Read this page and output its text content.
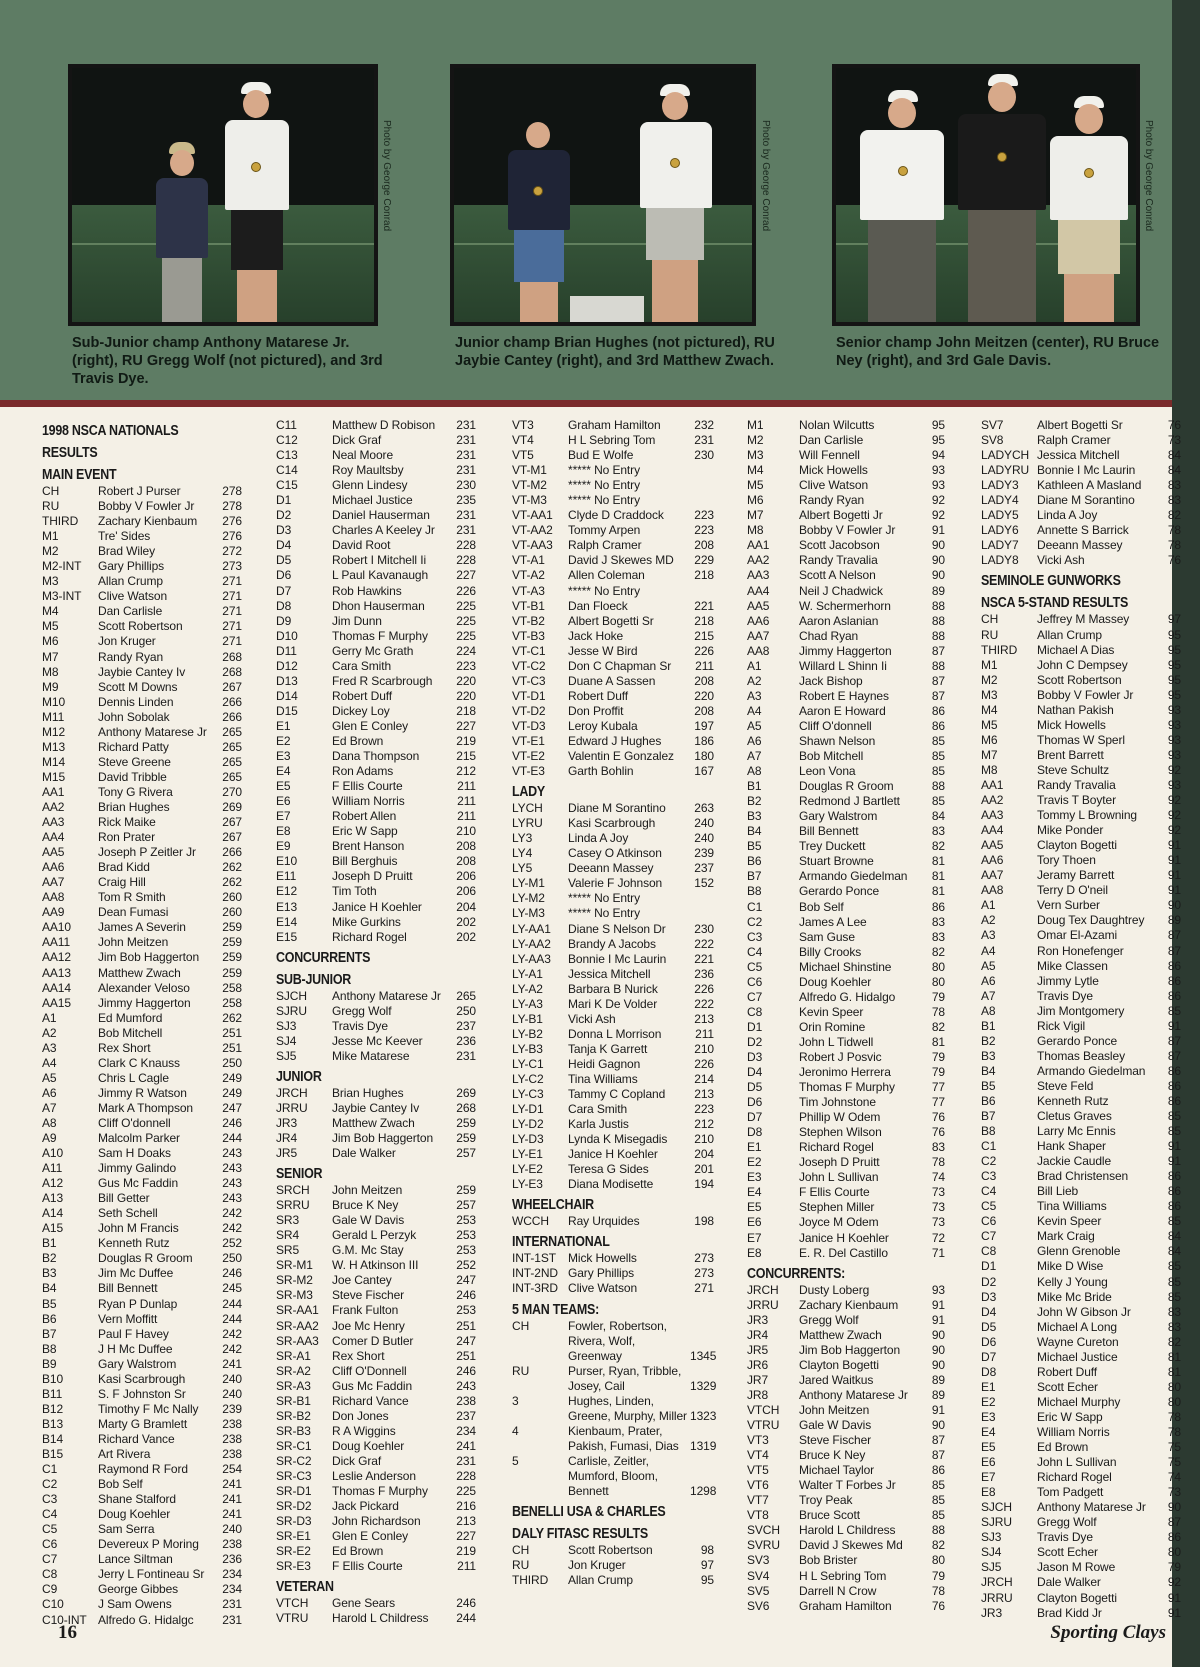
Photo by George Conrad
Sub-Junior champ Anthony Matarese Jr. (right), RU Gregg Wolf (not pictured), and 3rd Travis Dye.
Photo by George Conrad
Junior champ Brian Hughes (not pictured), RU Jaybie Cantey (right), and 3rd Matthew Zwach.
Photo by George Conrad
Senior champ John Meitzen (center), RU Bruce Ney (right), and 3rd Gale Davis.
1998 NSCA NATIONALS
RESULTS
MAIN EVENT
CH	Robert J Purser	278
RU	Bobby V Fowler Jr	278
THIRD	Zachary Kienbaum	276
M1	Tre' Sides	276
M2	Brad Wiley	272
M2-INT	Gary Phillips	273
M3	Allan Crump	271
M3-INT	Clive Watson	271
M4	Dan Carlisle	271
M5	Scott Robertson	271
M6	Jon Kruger	271
M7	Randy Ryan	268
M8	Jaybie Cantey Iv	268
M9	Scott M Downs	267
M10	Dennis Linden	266
M11	John Sobolak	266
M12	Anthony Matarese Jr	265
M13	Richard Patty	265
M14	Steve Greene	265
M15	David Tribble	265
AA1	Tony G Rivera	270
AA2	Brian Hughes	269
AA3	Rick Maike	267
AA4	Ron Prater	267
AA5	Joseph P Zeitler Jr	266
AA6	Brad Kidd	262
AA7	Craig Hill	262
AA8	Tom R Smith	260
AA9	Dean Fumasi	260
AA10	James A Severin	259
AA11	John Meitzen	259
AA12	Jim Bob Haggerton	259
AA13	Matthew Zwach	259
AA14	Alexander Veloso	258
AA15	Jimmy Haggerton	258
A1	Ed Mumford	262
A2	Bob Mitchell	251
A3	Rex Short	251
A4	Clark C Knauss	250
A5	Chris L Cagle	249
A6	Jimmy R Watson	249
A7	Mark A Thompson	247
A8	Cliff O'donnell	246
A9	Malcolm Parker	244
A10	Sam H Doaks	243
A11	Jimmy Galindo	243
A12	Gus Mc Faddin	243
A13	Bill Getter	243
A14	Seth Schell	242
A15	John M Francis	242
B1	Kenneth Rutz	252
B2	Douglas R Groom	250
B3	Jim Mc Duffee	246
B4	Bill Bennett	245
B5	Ryan P Dunlap	244
B6	Vern Moffitt	244
B7	Paul F Havey	242
B8	J H Mc Duffee	242
B9	Gary Walstrom	241
B10	Kasi Scarbrough	240
B11	S. F Johnston Sr	240
B12	Timothy F Mc Nally	239
B13	Marty G Bramlett	238
B14	Richard Vance	238
B15	Art Rivera	238
C1	Raymond R Ford	254
C2	Bob Self	241
C3	Shane Stalford	241
C4	Doug Koehler	241
C5	Sam Serra	240
C6	Devereux P Moring	238
C7	Lance Siltman	236
C8	Jerry L Fontineau Sr	234
C9	George Gibbes	234
C10	J Sam Owens	231
C10-INT Alfredo G. Hidalgc	231
C11	Matthew D Robison	231
C12	Dick Graf	231
C13	Neal Moore	231
C14	Roy Maultsby	231
C15	Glenn Lindesy	230
D1	Michael Justice	235
D2	Daniel Hauserman	231
D3	Charles A Keeley Jr	231
D4	David Root	228
D5	Robert I Mitchell Ii	228
D6	L Paul Kavanaugh	227
D7	Rob Hawkins	226
D8	Dhon Hauserman	225
D9	Jim Dunn	225
D10	Thomas F Murphy	225
D11	Gerry Mc Grath	224
D12	Cara Smith	223
D13	Fred R Scarbrough	220
D14	Robert Duff	220
D15	Dickey Loy	218
E1	Glen E Conley	227
E2	Ed Brown	219
E3	Dana Thompson	215
E4	Ron Adams	212
E5	F Ellis Courte	211
E6	William Norris	211
E7	Robert Allen	211
E8	Eric W Sapp	210
E9	Brent Hanson	208
E10	Bill Berghuis	208
E11	Joseph D Pruitt	206
E12	Tim Toth	206
E13	Janice H Koehler	204
E14	Mike Gurkins	202
E15	Richard Rogel	202
CONCURRENTS
SUB-JUNIOR
SJCH	Anthony Matarese Jr	265
SJRU	Gregg Wolf	250
SJ3	Travis Dye	237
SJ4	Jesse Mc Keever	236
SJ5	Mike Matarese	231
JUNIOR
JRCH	Brian Hughes	269
JRRU	Jaybie Cantey Iv	268
JR3	Matthew Zwach	259
JR4	Jim Bob Haggerton	259
JR5	Dale Walker	257
SENIOR
SRCH	John Meitzen	259
SRRU	Bruce K Ney	257
SR3	Gale W Davis	253
SR4	Gerald L Perzyk	253
SR5	G.M. Mc Stay	253
SR-M1	W. H Atkinson III	252
SR-M2	Joe Cantey	247
SR-M3	Steve Fischer	246
SR-AA1	Frank Fulton	253
SR-AA2	Joe Mc Henry	251
SR-AA3	Comer D Butler	247
SR-A1	Rex Short	251
SR-A2	Cliff O'Donnell	246
SR-A3	Gus Mc Faddin	243
SR-B1	Richard Vance	238
SR-B2	Don Jones	237
SR-B3	R A Wiggins	234
SR-C1	Doug Koehler	241
SR-C2	Dick Graf	231
SR-C3	Leslie Anderson	228
SR-D1	Thomas F Murphy	225
SR-D2	Jack Pickard	216
SR-D3	John Richardson	213
SR-E1	Glen E Conley	227
SR-E2	Ed Brown	219
SR-E3	F Ellis Courte	211
VETERAN
VTCH	Gene Sears	246
VTRU	Harold L Childress	244
VT3	Graham Hamilton	232
VT4	H L Sebring Tom	231
VT5	Bud E Wolfe	230
VT-M1	***** No Entry
VT-M2	***** No Entry
VT-M3	***** No Entry
VT-AA1	Clyde D Craddock	223
VT-AA2	Tommy Arpen	223
VT-AA3	Ralph Cramer	208
VT-A1	David J Skewes MD	229
VT-A2	Allen Coleman	218
VT-A3	***** No Entry
VT-B1	Dan Floeck	221
VT-B2	Albert Bogetti Sr	218
VT-B3	Jack Hoke	215
VT-C1	Jesse W Bird	226
VT-C2	Don C Chapman Sr	211
VT-C3	Duane A Sassen	208
VT-D1	Robert Duff	220
VT-D2	Don Proffit	208
VT-D3	Leroy Kubala	197
VT-E1	Edward J Hughes	186
VT-E2	Valentin E Gonzalez	180
VT-E3	Garth Bohlin	167
LADY
LYCH	Diane M Sorantino	263
LYRU	Kasi Scarbrough	240
LY3	Linda A Joy	240
LY4	Casey O Atkinson	239
LY5	Deeann Massey	237
LY-M1	Valerie F Johnson	152
LY-M2	***** No Entry
LY-M3	***** No Entry
LY-AA1	Diane S Nelson Dr	230
LY-AA2	Brandy A Jacobs	222
LY-AA3	Bonnie I Mc Laurin	221
LY-A1	Jessica Mitchell	236
LY-A2	Barbara B Nurick	226
LY-A3	Mari K De Volder	222
LY-B1	Vicki Ash	213
LY-B2	Donna L Morrison	211
LY-B3	Tanja K Garrett	210
LY-C1	Heidi Gagnon	226
LY-C2	Tina Williams	214
LY-C3	Tammy C Copland	213
LY-D1	Cara Smith	223
LY-D2	Karla Justis	212
LY-D3	Lynda K Misegadis	210
LY-E1	Janice H Koehler	204
LY-E2	Teresa G Sides	201
LY-E3	Diana Modisette	194
WHEELCHAIR
WCCH	Ray Urquides	198
INTERNATIONAL
INT-1ST	Mick Howells	273
INT-2ND Gary Phillips	273
INT-3RD Clive Watson	271
5 MAN TEAMS:
CH	Fowler, Robertson, Rivera, Wolf, Greenway	1345
RU	Purser, Ryan, Tribble, Josey, Cail	1329
3	Hughes, Linden, Greene, Murphy, Miller 1323
4	Kienbaum, Prater, Pakish, Fumasi, Dias 1319
5	Carlisle, Zeitler, Mumford, Bloom, Bennett	1298
BENELLI USA & CHARLES
DALY FITASC RESULTS
CH	Scott Robertson	98
RU	Jon Kruger	97
THIRD	Allan Crump	95
M1	Nolan Wilcutts	95
M2	Dan Carlisle	95
M3	Will Fennell	94
M4	Mick Howells	93
M5	Clive Watson	93
M6	Randy Ryan	92
M7	Albert Bogetti Jr	92
M8	Bobby V Fowler Jr	91
AA1	Scott Jacobson	90
AA2	Randy Travalia	90
AA3	Scott A Nelson	90
AA4	Neil J Chadwick	89
AA5	W. Schermerhorn	88
AA6	Aaron Aslanian	88
AA7	Chad Ryan	88
AA8	Jimmy Haggerton	87
A1	Willard L Shinn Ii	88
A2	Jack Bishop	87
A3	Robert E Haynes	87
A4	Aaron E Howard	86
A5	Cliff O'donnell	86
A6	Shawn Nelson	85
A7	Bob Mitchell	85
A8	Leon Vona	85
B1	Douglas R Groom	88
B2	Redmond J Bartlett	85
B3	Gary Walstrom	84
B4	Bill Bennett	83
B5	Trey Duckett	82
B6	Stuart Browne	81
B7	Armando Giedelman	81
B8	Gerardo Ponce	81
C1	Bob Self	86
C2	James A Lee	83
C3	Sam Guse	83
C4	Billy Crooks	82
C5	Michael Shinstine	80
C6	Doug Koehler	80
C7	Alfredo G. Hidalgo	79
C8	Kevin Speer	78
D1	Orin Romine	82
D2	John L Tidwell	81
D3	Robert J Posvic	79
D4	Jeronimo Herrera	79
D5	Thomas F Murphy	77
D6	Tim Johnstone	77
D7	Phillip W Odem	76
D8	Stephen Wilson	76
E1	Richard Rogel	83
E2	Joseph D Pruitt	78
E3	John L Sullivan	74
E4	F Ellis Courte	73
E5	Stephen Miller	73
E6	Joyce M Odem	73
E7	Janice H Koehler	72
E8	E. R. Del Castillo	71
CONCURRENTS:
JRCH	Dusty Loberg	93
JRRU	Zachary Kienbaum	91
JR3	Gregg Wolf	91
JR4	Matthew Zwach	90
JR5	Jim Bob Haggerton	90
JR6	Clayton Bogetti	90
JR7	Jared Waitkus	89
JR8	Anthony Matarese Jr	89
VTCH	John Meitzen	91
VTRU	Gale W Davis	90
VT3	Steve Fischer	87
VT4	Bruce K Ney	87
VT5	Michael Taylor	86
VT6	Walter T Forbes Jr	85
VT7	Troy Peak	85
VT8	Bruce Scott	85
SVCH	Harold L Childress	88
SVRU	David J Skewes Md	82
SV3	Bob Brister	80
SV4	H L Sebring Tom	79
SV5	Darrell N Crow	78
SV6	Graham Hamilton	76
SV7	Albert Bogetti Sr	76
SV8	Ralph Cramer	73
LADYCH Jessica Mitchell	84
LADYRU Bonnie I Mc Laurin	84
LADY3	Kathleen A Masland	83
LADY4	Diane M Sorantino	83
LADY5	Linda A Joy	82
LADY6	Annette S Barrick	78
LADY7	Deeann Massey	78
LADY8	Vicki Ash	76
SEMINOLE GUNWORKS
NSCA 5-STAND RESULTS
CH	Jeffrey M Massey	97
RU	Allan Crump	95
THIRD	Michael A Dias	95
M1	John C Dempsey	95
M2	Scott Robertson	95
M3	Bobby V Fowler Jr	95
M4	Nathan Pakish	93
M5	Mick Howells	93
M6	Thomas W Sperl	93
M7	Brent Barrett	93
M8	Steve Schultz	92
AA1	Randy Travalia	93
AA2	Travis T Boyter	92
AA3	Tommy L Browning	92
AA4	Mike Ponder	92
AA5	Clayton Bogetti	91
AA6	Tory Thoen	91
AA7	Jeramy Barrett	91
AA8	Terry D O'neil	91
A1	Vern Surber	90
A2	Doug Tex Daughtrey	89
A3	Omar El-Azami	87
A4	Ron Honefenger	87
A5	Mike Classen	86
A6	Jimmy Lytle	86
A7	Travis Dye	86
A8	Jim Montgomery	85
B1	Rick Vigil	91
B2	Gerardo Ponce	87
B3	Thomas Beasley	87
B4	Armando Giedelman	86
B5	Steve Feld	86
B6	Kenneth Rutz	86
B7	Cletus Graves	85
B8	Larry Mc Ennis	85
C1	Hank Shaper	91
C2	Jackie Caudle	91
C3	Brad Christensen	86
C4	Bill Lieb	86
C5	Tina Williams	86
C6	Kevin Speer	85
C7	Mark Craig	84
C8	Glenn Grenoble	84
D1	Mike D Wise	85
D2	Kelly J Young	85
D3	Mike Mc Bride	85
D4	John W Gibson Jr	83
D5	Michael A Long	83
D6	Wayne Cureton	82
D7	Michael Justice	81
D8	Robert Duff	81
E1	Scott Echer	80
E2	Michael Murphy	80
E3	Eric W Sapp	78
E4	William Norris	78
E5	Ed Brown	75
E6	John L Sullivan	75
E7	Richard Rogel	74
E8	Tom Padgett	73
SJCH	Anthony Matarese Jr	90
SJRU	Gregg Wolf	87
SJ3	Travis Dye	86
SJ4	Scott Echer	80
SJ5	Jason M Rowe	79
JRCH	Dale Walker	92
JRRU	Clayton Bogetti	91
JR3	Brad Kidd Jr	91
16	Sporting Clays
